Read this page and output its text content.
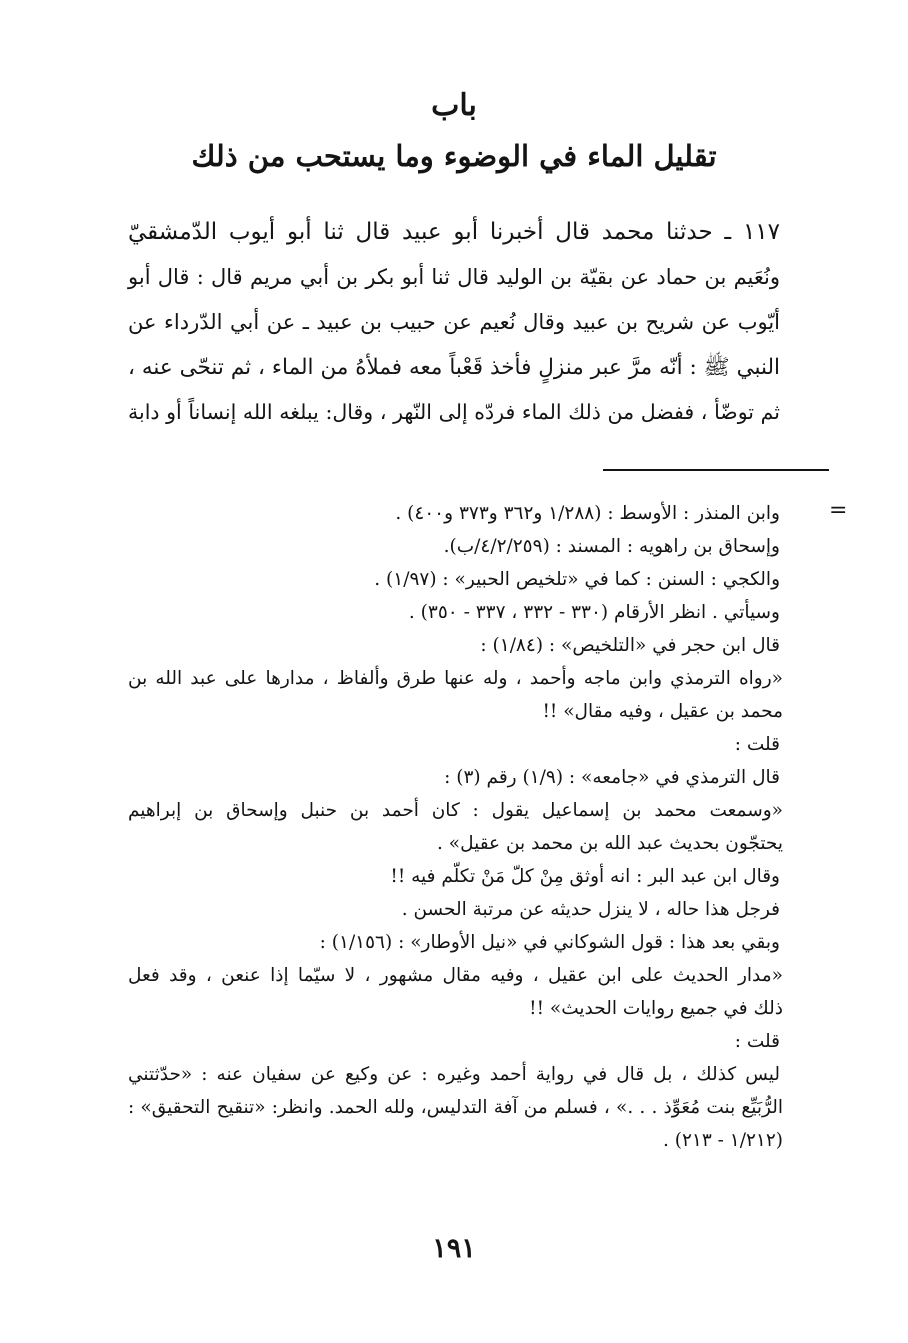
باب
تقليل الماء في الوضوء وما يستحب من ذلك
١١٧ ـ حدثنا محمد قال أخبرنا أبو عبيد قال ثنا أبو أيوب الدّمشقيّ
ونُعَيم بن حماد عن بقيّة بن الوليد قال ثنا أبو بكر بن أبي مريم قال : قال أبو
أيّوب عن شريح بن عبيد وقال نُعيم عن حبيب بن عبيد ـ عن أبي الدّرداء عن
النبي ﷺ : أنّه مرَّ عبر منزلٍ فأخذ قَعْباً معه فملأهُ من الماء ، ثم تنحّى عنه ،
ثم توضّأ ، ففضل من ذلك الماء فردّه إلى النّهر ، وقال: يبلغه الله إنساناً أو دابة
=
وابن المنذر : الأوسط : (١/٢٨٨ و٣٦٢ و٣٧٣ و٤٠٠) .
وإسحاق بن راهويه : المسند : (٤/٢/٢٥٩/ب).
والكجي : السنن : كما في «تلخيص الحبير» : (١/٩٧) .
وسيأتي . انظر الأرقام (٣٣٠ - ٣٣٢ ، ٣٣٧ - ٣٥٠) .
قال ابن حجر في «التلخيص» : (١/٨٤) :
«رواه الترمذي وابن ماجه وأحمد ، وله عنها طرق وألفاظ ، مدارها على عبد الله بن
محمد بن عقيل ، وفيه مقال» !!
قلت :
قال الترمذي في «جامعه» : (١/٩) رقم (٣) :
«وسمعت محمد بن إسماعيل يقول : كان أحمد بن حنبل وإسحاق بن إبراهيم
يحتجّون بحديث عبد الله بن محمد بن عقيل» .
وقال ابن عبد البر : انه أوثق مِنْ كلّ مَنْ تكلّم فيه !!
فرجل هذا حاله ، لا ينزل حديثه عن مرتبة الحسن .
وبقي بعد هذا : قول الشوكاني في «نيل الأوطار» : (١/١٥٦) :
«مدار الحديث على ابن عقيل ، وفيه مقال مشهور ، لا سيّما إذا عنعن ، وقد فعل
ذلك في جميع روايات الحديث» !!
قلت :
ليس كذلك ، بل قال في رواية أحمد وغيره : عن وكيع عن سفيان عنه : «حدّثتني
الرُّبَيِّع بنت مُعَوِّذ . . .» ، فسلم من آفة التدليس، ولله الحمد. وانظر: «تنقيح التحقيق» :
(١/٢١٢ - ٢١٣) .
١٩١
